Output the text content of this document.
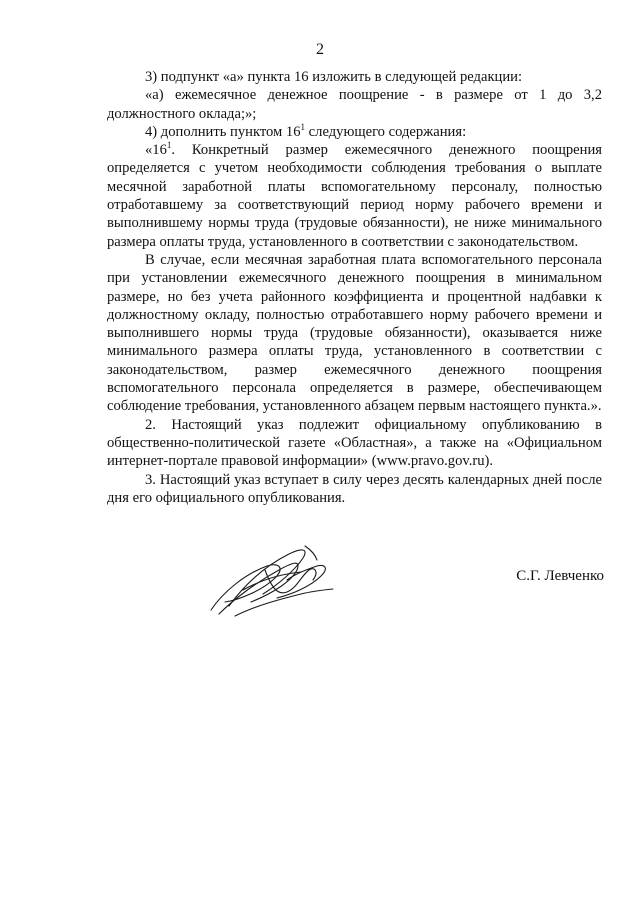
2

3) подпункт «а» пункта 16 изложить в следующей редакции:

«а) ежемесячное денежное поощрение - в размере от 1 до 3,2 должностного оклада;»;

4) дополнить пунктом $16^1$ следующего содержания:

«$16^1$. Конкретный размер ежемесячного денежного поощрения определяется с учетом необходимости соблюдения требования о выплате месячной заработной платы вспомогательному персоналу, полностью отработавшему за соответствующий период норму рабочего времени и выполнившему нормы труда (трудовые обязанности), не ниже минимального размера оплаты труда, установленного в соответствии с законодательством.

В случае, если месячная заработная плата вспомогательного персонала при установлении ежемесячного денежного поощрения в минимальном размере, но без учета районного коэффициента и процентной надбавки к должностному окладу, полностью отработавшего норму рабочего времени и выполнившего нормы труда (трудовые обязанности), оказывается ниже минимального размера оплаты труда, установленного в соответствии с законодательством, размер ежемесячного денежного поощрения вспомогательного персонала определяется в размере, обеспечивающем соблюдение требования, установленного абзацем первым настоящего пункта.».

2. Настоящий указ подлежит официальному опубликованию в общественно-политической газете «Областная», а также на «Официальном интернет-портале правовой информации» (www.pravo.gov.ru).

3. Настоящий указ вступает в силу через десять календарных дней после дня его официального опубликования.

С.Г. Левченко
